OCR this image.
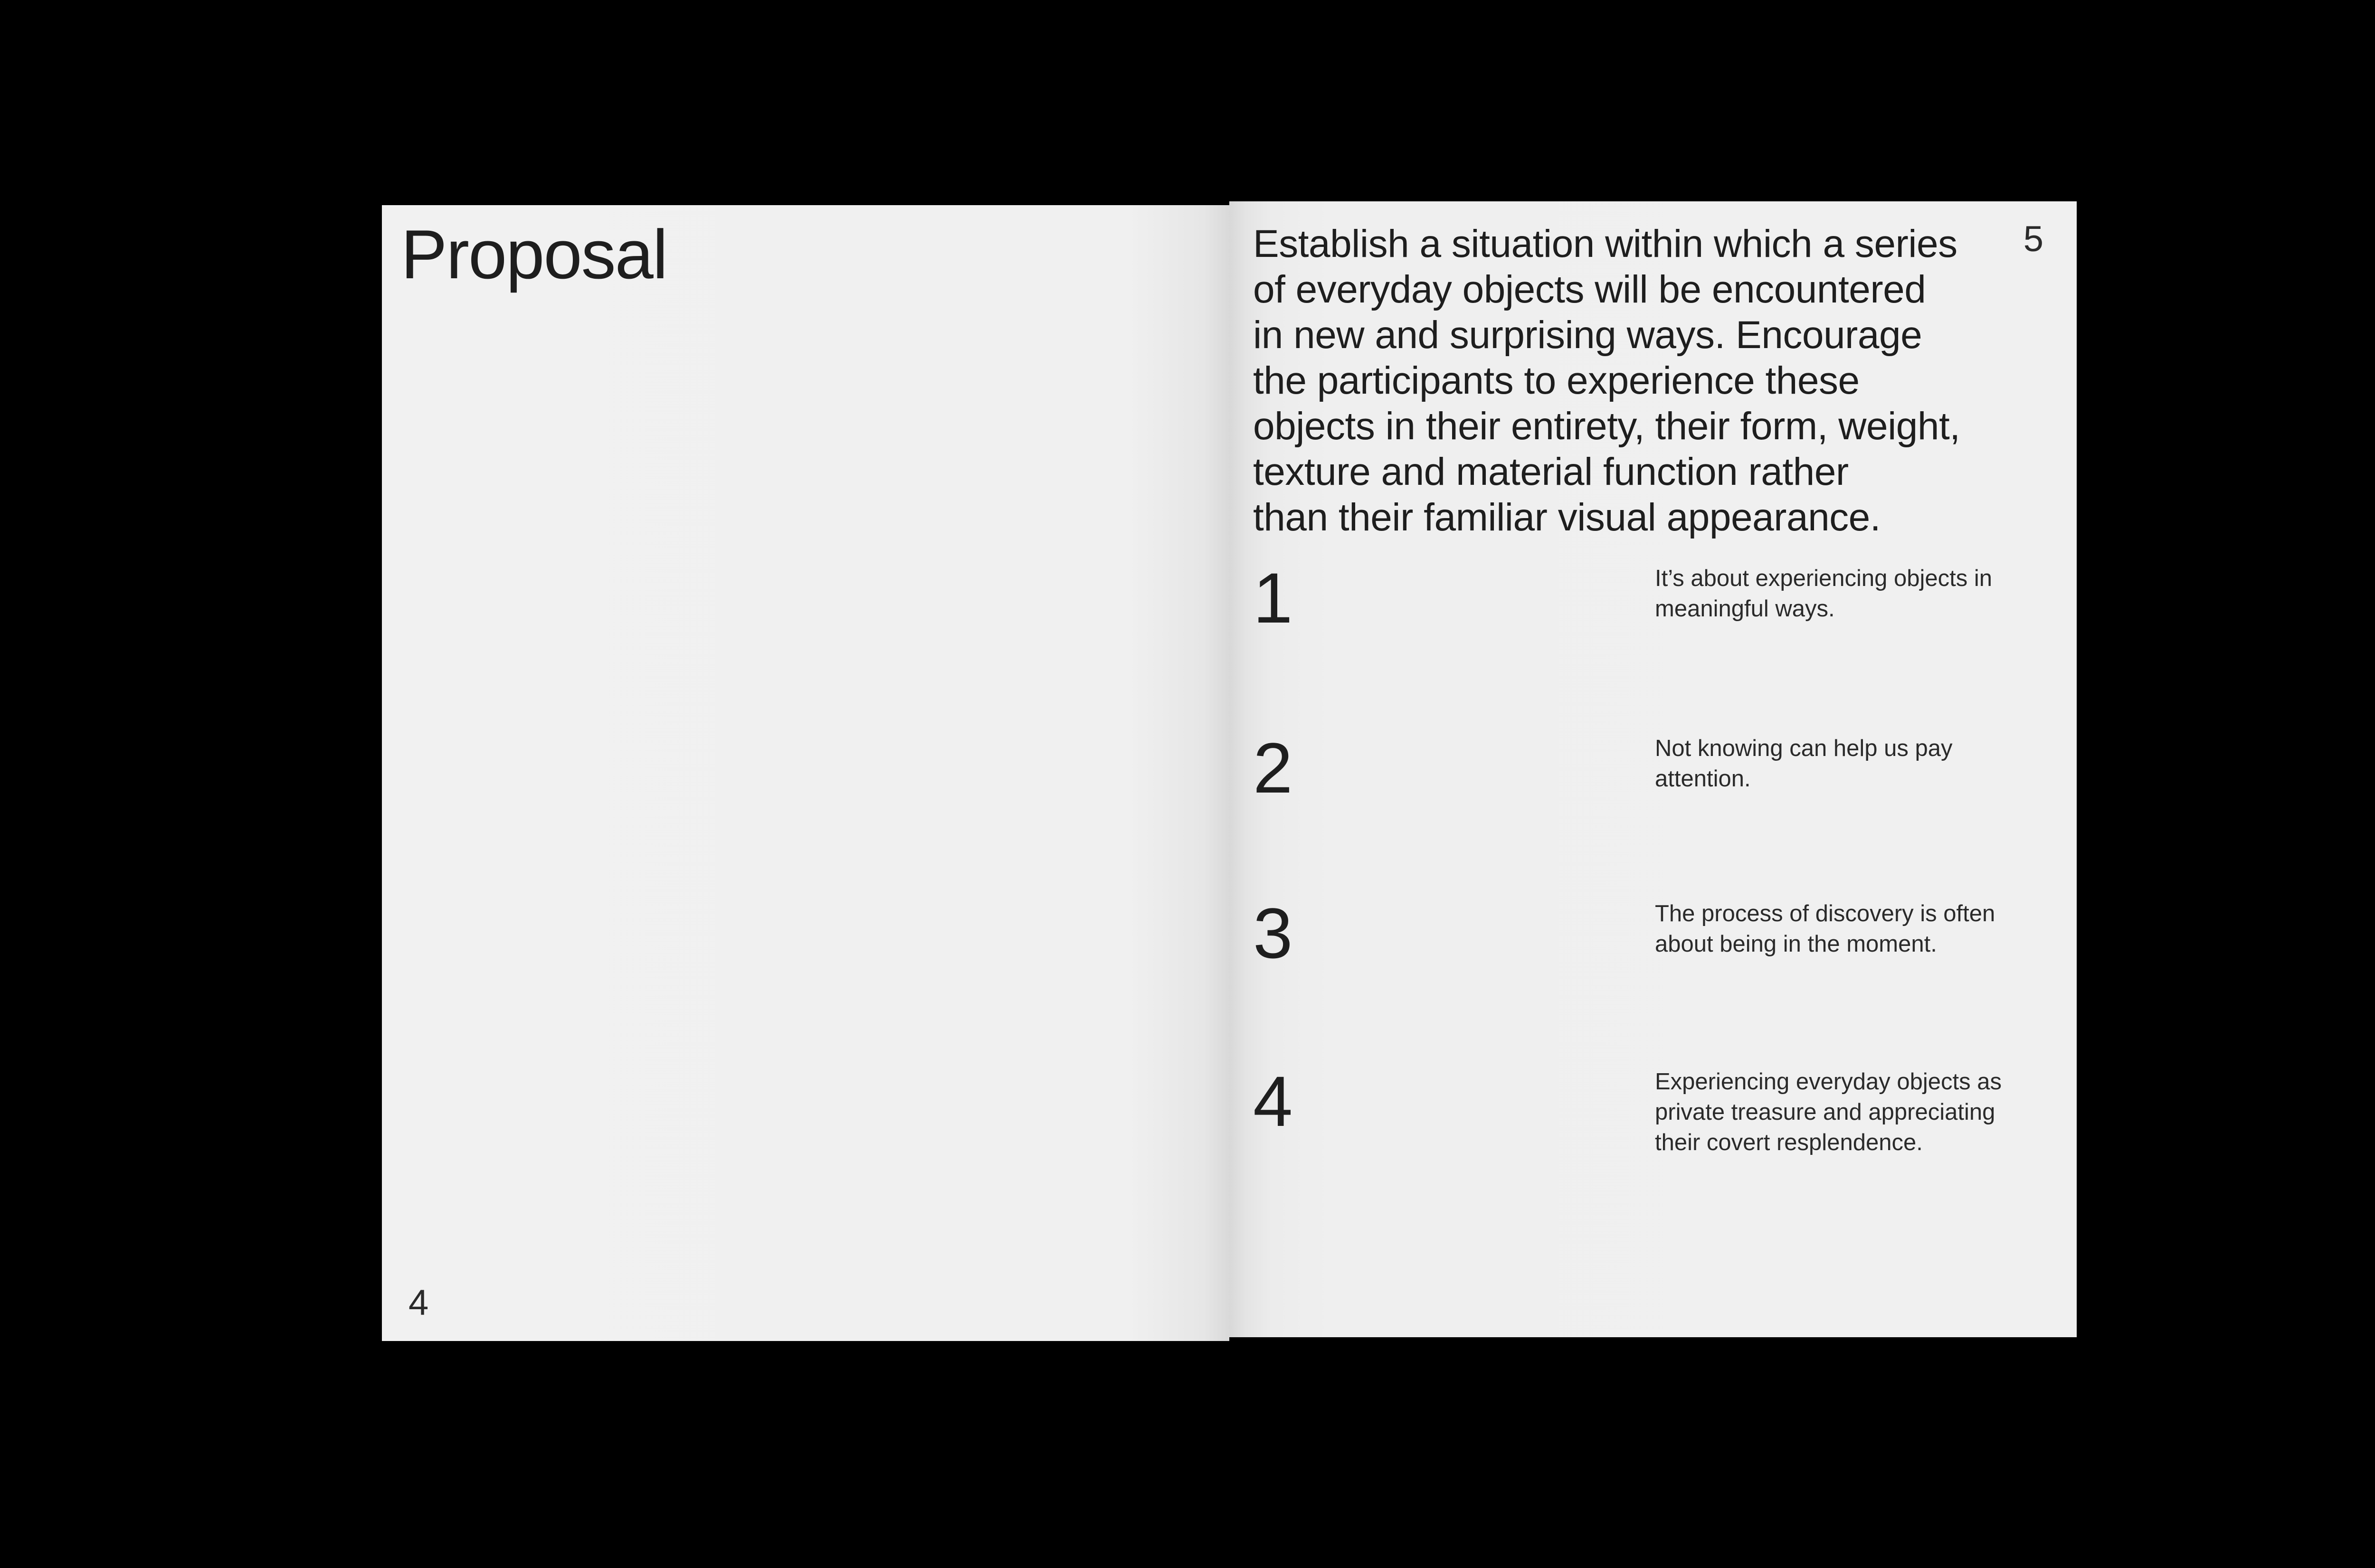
Proposal
4

Establish a situation within which a series
of everyday objects will be encountered
in new and surprising ways. Encourage
the participants to experience these
objects in their entirety, their form, weight,
texture and material function rather
than their familiar visual appearance.

5
1	It’s about experiencing objects in
meaningful ways.

2	Not knowing can help us pay
attention.

3	The process of discovery is often
about being in the moment.

4	Experiencing everyday objects as
private treasure and appreciating
their covert resplendence.
